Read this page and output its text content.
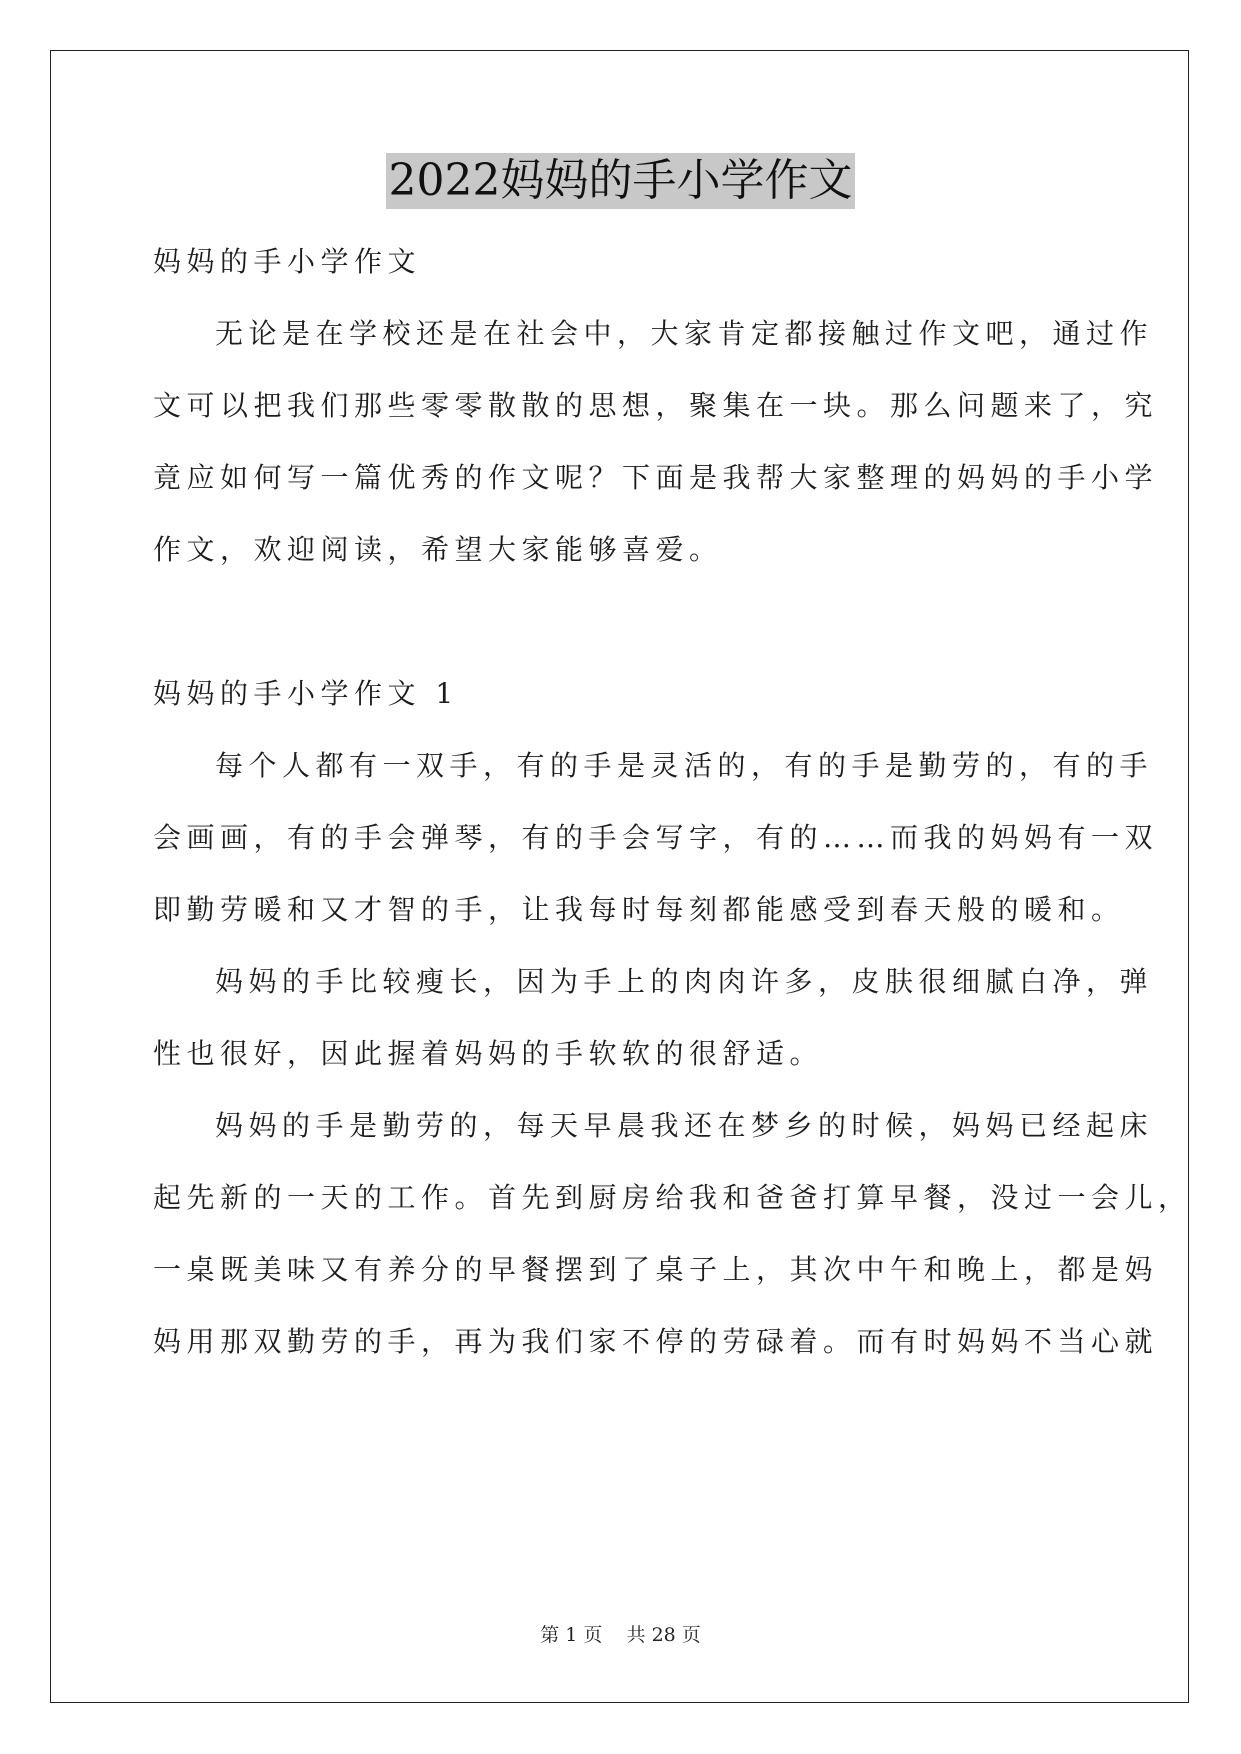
2022妈妈的手小学作文
妈妈的手小学作文
无论是在学校还是在社会中，大家肯定都接触过作文吧，通过作
文可以把我们那些零零散散的思想，聚集在一块。那么问题来了，究
竟应如何写一篇优秀的作文呢？下面是我帮大家整理的妈妈的手小学
作文，欢迎阅读，希望大家能够喜爱。
妈妈的手小学作文 1
每个人都有一双手，有的手是灵活的，有的手是勤劳的，有的手
会画画，有的手会弹琴，有的手会写字，有的……而我的妈妈有一双
即勤劳暖和又才智的手，让我每时每刻都能感受到春天般的暖和。
妈妈的手比较瘦长，因为手上的肉肉许多，皮肤很细腻白净，弹
性也很好，因此握着妈妈的手软软的很舒适。
妈妈的手是勤劳的，每天早晨我还在梦乡的时候，妈妈已经起床
起先新的一天的工作。首先到厨房给我和爸爸打算早餐，没过一会儿，
一桌既美味又有养分的早餐摆到了桌子上，其次中午和晚上，都是妈
妈用那双勤劳的手，再为我们家不停的劳碌着。而有时妈妈不当心就
第 1 页 共 28 页
